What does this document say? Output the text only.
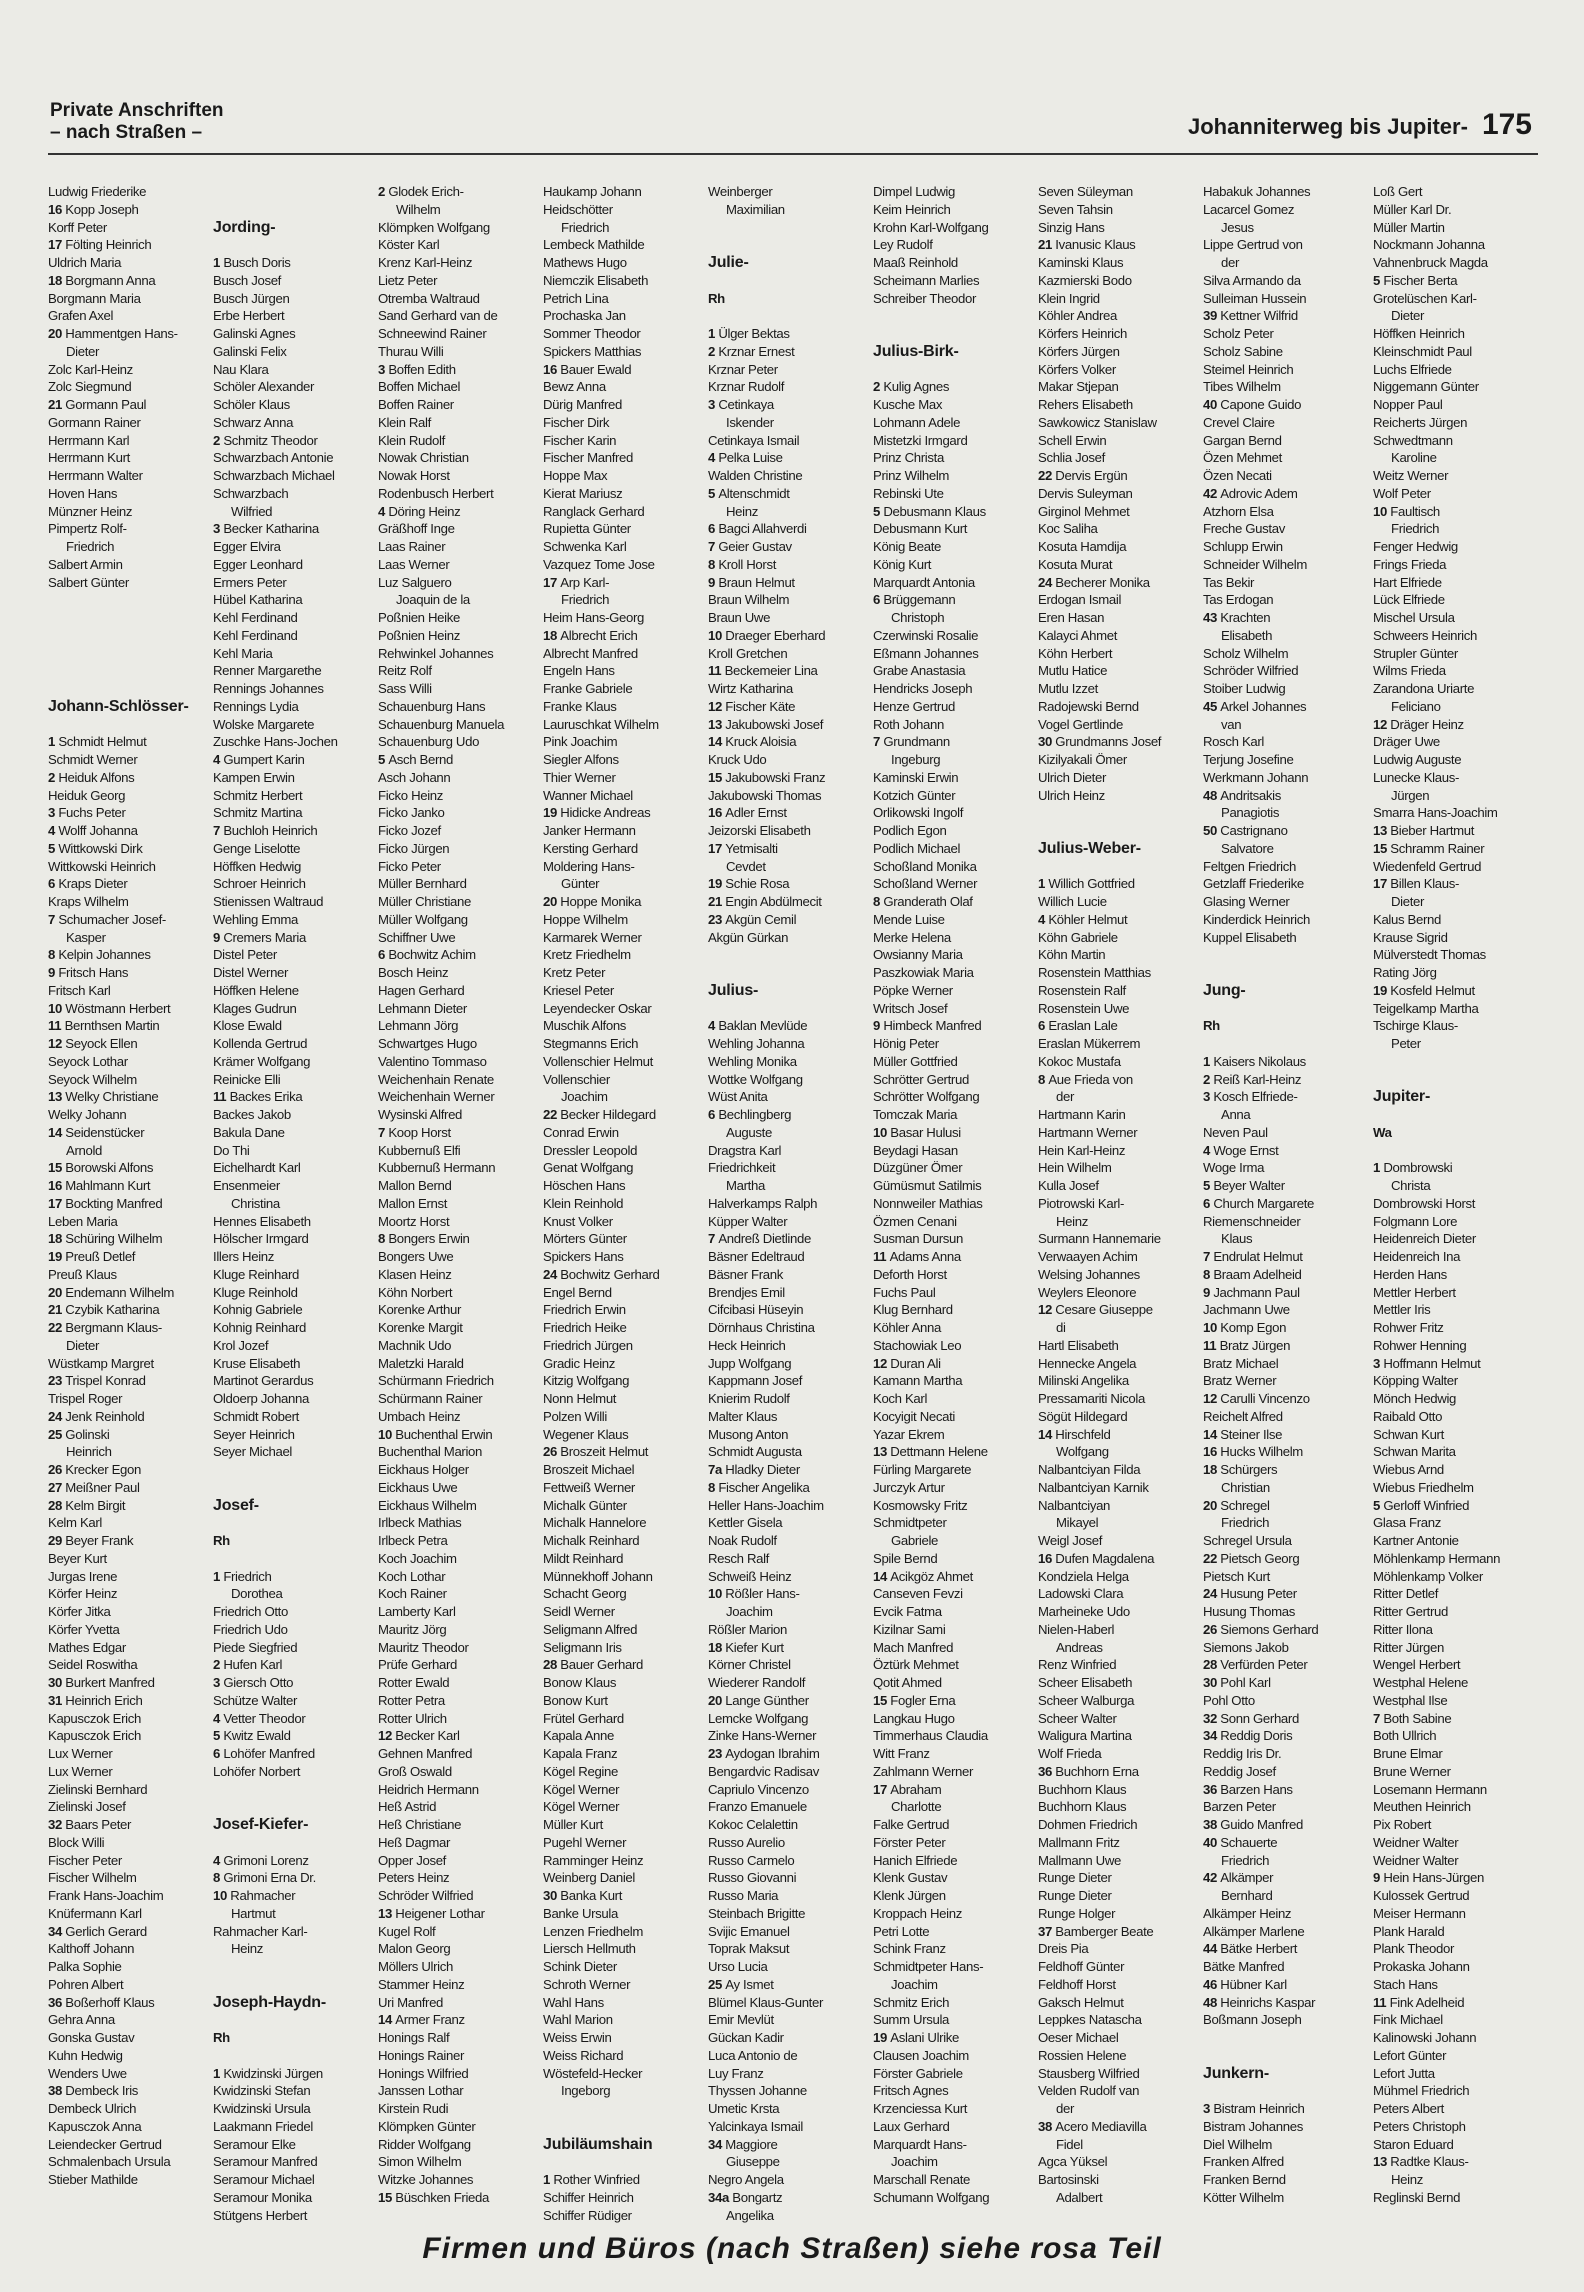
Private Anschriften
– nach Straßen –	Johanniterweg bis Jupiter- 175
Ludwig Friederike
16 Kopp Joseph
Korff Peter
17 Fölting Heinrich
Uldrich Maria
18 Borgmann Anna
Borgmann Maria
Grafen Axel
20 Hammentgen Hans-
Dieter
Zolc Karl-Heinz
Zolc Siegmund
21 Gormann Paul
Gormann Rainer
Herrmann Karl
Herrmann Kurt
Herrmann Walter
Hoven Hans
Münzner Heinz
Pimpertz Rolf-
Friedrich
Salbert Armin
Salbert Günter

Johann-Schlösser-

1 Schmidt Helmut
Schmidt Werner
2 Heiduk Alfons
Heiduk Georg
3 Fuchs Peter
4 Wolff Johanna
5 Wittkowski Dirk
Wittkowski Heinrich
6 Kraps Dieter
Kraps Wilhelm
7 Schumacher Josef-
Kasper
8 Kelpin Johannes
9 Fritsch Hans
Fritsch Karl
10 Wöstmann Herbert
11 Bernthsen Martin
12 Seyock Ellen
Seyock Lothar
Seyock Wilhelm
13 Welky Christiane
Welky Johann
14 Seidenstücker
Arnold
15 Borowski Alfons
16 Mahlmann Kurt
17 Bockting Manfred
Leben Maria
18 Schüring Wilhelm
19 Preuß Detlef
Preuß Klaus
20 Endemann Wilhelm
21 Czybik Katharina
22 Bergmann Klaus-
Dieter
Wüstkamp Margret
23 Trispel Konrad
Trispel Roger
24 Jenk Reinhold
25 Golinski
Heinrich
26 Krecker Egon
27 Meißner Paul
28 Kelm Birgit
Kelm Karl
29 Beyer Frank
Beyer Kurt
Jurgas Irene
Körfer Heinz
Körfer Jitka
Körfer Yvetta
Mathes Edgar
Seidel Roswitha
30 Burkert Manfred
31 Heinrich Erich
Kapusczok Erich
Kapusczok Erich
Lux Werner
Lux Werner
Zielinski Bernhard
Zielinski Josef
32 Baars Peter
Block Willi
Fischer Peter
Fischer Wilhelm
Frank Hans-Joachim
Knüfermann Karl
34 Gerlich Gerard
Kalthoff Johann
Palka Sophie
Pohren Albert
36 Boßerhoff Klaus
Gehra Anna
Gonska Gustav
Kuhn Hedwig
Wenders Uwe
38 Dembeck Iris
Dembeck Ulrich
Kapusczok Anna
Leiendecker Gertrud
Schmalenbach Ursula
Stieber Mathilde

Jording-

1 Busch Doris
Busch Josef
Busch Jürgen
Erbe Herbert
Galinski Agnes
Galinski Felix
Nau Klara
Schöler Alexander
Schöler Klaus
Schwarz Anna
2 Schmitz Theodor
Schwarzbach Antonie
Schwarzbach Michael
Schwarzbach
Wilfried
3 Becker Katharina
Egger Elvira
Egger Leonhard
Ermers Peter
Hübel Katharina
Kehl Ferdinand
Kehl Ferdinand
Kehl Maria
Renner Margarethe
Rennings Johannes
Rennings Lydia
Wolske Margarete
Zuschke Hans-Jochen
4 Gumpert Karin
Kampen Erwin
Schmitz Herbert
Schmitz Martina
7 Buchloh Heinrich
Genge Liselotte
Höffken Hedwig
Schroer Heinrich
Stienissen Waltraud
Wehling Emma
9 Cremers Maria
Distel Peter
Distel Werner
Höffken Helene
Klages Gudrun
Klose Ewald
Kollenda Gertrud
Krämer Wolfgang
Reinicke Elli
11 Backes Erika
Backes Jakob
Bakula Dane
Do Thi
Eichelhardt Karl
Ensenmeier
Christina
Hennes Elisabeth
Hölscher Irmgard
Illers Heinz
Kluge Reinhard
Kluge Reinhold
Kohnig Gabriele
Kohnig Reinhard
Krol Jozef
Kruse Elisabeth
Martinot Gerardus
Oldoerp Johanna
Schmidt Robert
Seyer Heinrich
Seyer Michael

Josef-

Rh

1 Friedrich
Dorothea
Friedrich Otto
Friedrich Udo
Piede Siegfried
2 Hufen Karl
3 Giersch Otto
Schütze Walter
4 Vetter Theodor
5 Kwitz Ewald
6 Lohöfer Manfred
Lohöfer Norbert

Josef-Kiefer-

4 Grimoni Lorenz
8 Grimoni Erna Dr.
10 Rahmacher
Hartmut
Rahmacher Karl-
Heinz

Joseph-Haydn-

Rh

1 Kwidzinski Jürgen
Kwidzinski Stefan
Kwidzinski Ursula
Laakmann Friedel
Seramour Elke
Seramour Manfred
Seramour Michael
Seramour Monika
Stütgens Herbert
2 Glodek Erich-
Wilhelm
Klömpken Wolfgang
Köster Karl
Krenz Karl-Heinz
Lietz Peter
Otremba Waltraud
Sand Gerhard van de
Schneewind Rainer
Thurau Willi
3 Boffen Edith
Boffen Michael
Boffen Rainer
Klein Ralf
Klein Rudolf
Nowak Christian
Nowak Horst
Rodenbusch Herbert
4 Döring Heinz
Gräßhoff Inge
Laas Rainer
Laas Werner
Luz Salguero
Joaquin de la
Poßnien Heike
Poßnien Heinz
Rehwinkel Johannes
Reitz Rolf
Sass Willi
Schauenburg Hans
Schauenburg Manuela
Schauenburg Udo
5 Asch Bernd
Asch Johann
Ficko Heinz
Ficko Janko
Ficko Jozef
Ficko Jürgen
Ficko Peter
Müller Bernhard
Müller Christiane
Müller Wolfgang
Schiffner Uwe
6 Bochwitz Achim
Bosch Heinz
Hagen Gerhard
Lehmann Dieter
Lehmann Jörg
Schwartges Hugo
Valentino Tommaso
Weichenhain Renate
Weichenhain Werner
Wysinski Alfred
7 Koop Horst
Kubbernuß Elfi
Kubbernuß Hermann
Mallon Bernd
Mallon Ernst
Moortz Horst
8 Bongers Erwin
Bongers Uwe
Klasen Heinz
Köhn Norbert
Korenke Arthur
Korenke Margit
Machnik Udo
Maletzki Harald
Schürmann Friedrich
Schürmann Rainer
Umbach Heinz
10 Buchenthal Erwin
Buchenthal Marion
Eickhaus Holger
Eickhaus Uwe
Eickhaus Wilhelm
Irlbeck Mathias
Irlbeck Petra
Koch Joachim
Koch Lothar
Koch Rainer
Lamberty Karl
Mauritz Jörg
Mauritz Theodor
Prüfe Gerhard
Rotter Ewald
Rotter Petra
Rotter Ulrich
12 Becker Karl
Gehnen Manfred
Groß Oswald
Heidrich Hermann
Heß Astrid
Heß Christiane
Heß Dagmar
Opper Josef
Peters Heinz
Schröder Wilfried
13 Heigener Lothar
Kugel Rolf
Malon Georg
Möllers Ulrich
Stammer Heinz
Uri Manfred
14 Armer Franz
Honings Ralf
Honings Rainer
Honings Wilfried
Janssen Lothar
Kirstein Rudi
Klömpken Günter
Ridder Wolfgang
Simon Wilhelm
Witzke Johannes
15 Büschken Frieda
Haukamp Johann
Heidschötter
Friedrich
Lembeck Mathilde
Mathews Hugo
Niemczik Elisabeth
Petrich Lina
Prochaska Jan
Sommer Theodor
Spickers Matthias
16 Bauer Ewald
Bewz Anna
Dürig Manfred
Fischer Dirk
Fischer Karin
Fischer Manfred
Hoppe Max
Kierat Mariusz
Ranglack Gerhard
Rupietta Günter
Schwenka Karl
Vazquez Tome Jose
17 Arp Karl-
Friedrich
Heim Hans-Georg
18 Albrecht Erich
Albrecht Manfred
Engeln Hans
Franke Gabriele
Franke Klaus
Lauruschkat Wilhelm
Pink Joachim
Siegler Alfons
Thier Werner
Wanner Michael
19 Hidicke Andreas
Janker Hermann
Kersting Gerhard
Moldering Hans-
Günter
20 Hoppe Monika
Hoppe Wilhelm
Karmarek Werner
Kretz Friedhelm
Kretz Peter
Kriesel Peter
Leyendecker Oskar
Muschik Alfons
Stegmanns Erich
Vollenschier Helmut
Vollenschier
Joachim
22 Becker Hildegard
Conrad Erwin
Dressler Leopold
Genat Wolfgang
Höschen Hans
Klein Reinhold
Knust Volker
Mörters Günter
Spickers Hans
24 Bochwitz Gerhard
Engel Bernd
Friedrich Erwin
Friedrich Heike
Friedrich Jürgen
Gradic Heinz
Kitzig Wolfgang
Nonn Helmut
Polzen Willi
Wegener Klaus
26 Broszeit Helmut
Broszeit Michael
Fettweiß Werner
Michalk Günter
Michalk Hannelore
Michalk Reinhard
Mildt Reinhard
Münnekhoff Johann
Schacht Georg
Seidl Werner
Seligmann Alfred
Seligmann Iris
28 Bauer Gerhard
Bonow Klaus
Bonow Kurt
Frütel Gerhard
Kapala Anne
Kapala Franz
Kögel Regine
Kögel Werner
Kögel Werner
Müller Kurt
Pugehl Werner
Ramminger Heinz
Weinberg Daniel
30 Banka Kurt
Banke Ursula
Lenzen Friedhelm
Liersch Hellmuth
Schink Dieter
Schroth Werner
Wahl Hans
Wahl Marion
Weiss Erwin
Weiss Richard
Wöstefeld-Hecker
Ingeborg

Jubiläumshain

1 Rother Winfried
Schiffer Heinrich
Schiffer Rüdiger
Weinberger
Maximilian

Julie-

Rh

1 Ülger Bektas
2 Krznar Ernest
Krznar Peter
Krznar Rudolf
3 Cetinkaya
Iskender
Cetinkaya Ismail
4 Pelka Luise
Walden Christine
5 Altenschmidt
Heinz
6 Bagci Allahverdi
7 Geier Gustav
8 Kroll Horst
9 Braun Helmut
Braun Wilhelm
Braun Uwe
10 Draeger Eberhard
Kroll Gretchen
11 Beckemeier Lina
Wirtz Katharina
12 Fischer Käte
13 Jakubowski Josef
14 Kruck Aloisia
Kruck Udo
15 Jakubowski Franz
Jakubowski Thomas
16 Adler Ernst
Jeizorski Elisabeth
17 Yetmisalti
Cevdet
19 Schie Rosa
21 Engin Abdülmecit
23 Akgün Cemil
Akgün Gürkan

Julius-

4 Baklan Mevlüde
Wehling Johanna
Wehling Monika
Wottke Wolfgang
Wüst Anita
6 Bechlingberg
Auguste
Dragstra Karl
Friedrichkeit
Martha
Halverkamps Ralph
Küpper Walter
7 Andreß Dietlinde
Bäsner Edeltraud
Bäsner Frank
Brendjes Emil
Cifcibasi Hüseyin
Dörnhaus Christina
Heck Heinrich
Jupp Wolfgang
Kappmann Josef
Knierim Rudolf
Malter Klaus
Musong Anton
Schmidt Augusta
7a Hladky Dieter
8 Fischer Angelika
Heller Hans-Joachim
Kettler Gisela
Noak Rudolf
Resch Ralf
Schweiß Heinz
10 Rößler Hans-
Joachim
Rößler Marion
18 Kiefer Kurt
Körner Christel
Wiederer Randolf
20 Lange Günther
Lemcke Wolfgang
Zinke Hans-Werner
23 Aydogan Ibrahim
Bengardvic Radisav
Capriulo Vincenzo
Franzo Emanuele
Kokoc Celalettin
Russo Aurelio
Russo Carmelo
Russo Giovanni
Russo Maria
Steinbach Brigitte
Svijic Emanuel
Toprak Maksut
Urso Lucia
25 Ay Ismet
Blümel Klaus-Gunter
Emir Mevlüt
Gückan Kadir
Luca Antonio de
Luy Franz
Thyssen Johanne
Umetic Krsta
Yalcinkaya Ismail
34 Maggiore
Giuseppe
Negro Angela
34a Bongartz
Angelika
Dimpel Ludwig
Keim Heinrich
Krohn Karl-Wolfgang
Ley Rudolf
Maaß Reinhold
Scheimann Marlies
Schreiber Theodor

Julius-Birk-

2 Kulig Agnes
Kusche Max
Lohmann Adele
Mistetzki Irmgard
Prinz Christa
Prinz Wilhelm
Rebinski Ute
5 Debusmann Klaus
Debusmann Kurt
König Beate
König Kurt
Marquardt Antonia
6 Brüggemann
Christoph
Czerwinski Rosalie
Eßmann Johannes
Grabe Anastasia
Hendricks Joseph
Henze Gertrud
Roth Johann
7 Grundmann
Ingeburg
Kaminski Erwin
Kotzich Günter
Orlikowski Ingolf
Podlich Egon
Podlich Michael
Schoßland Monika
Schoßland Werner
8 Granderath Olaf
Mende Luise
Merke Helena
Owsianny Maria
Paszkowiak Maria
Pöpke Werner
Writsch Josef
9 Himbeck Manfred
Hönig Peter
Müller Gottfried
Schrötter Gertrud
Schrötter Wolfgang
Tomczak Maria
10 Basar Hulusi
Beydagi Hasan
Düzgüner Ömer
Gümüsmut Satilmis
Nonnweiler Mathias
Özmen Cenani
Susman Dursun
11 Adams Anna
Deforth Horst
Fuchs Paul
Klug Bernhard
Köhler Anna
Stachowiak Leo
12 Duran Ali
Kamann Martha
Koch Karl
Kocyigit Necati
Yazar Ekrem
13 Dettmann Helene
Fürling Margarete
Jurczyk Artur
Kosmowsky Fritz
Schmidtpeter
Gabriele
Spile Bernd
14 Acikgöz Ahmet
Canseven Fevzi
Evcik Fatma
Kizilnar Sami
Mach Manfred
Öztürk Mehmet
Qotit Ahmed
15 Fogler Erna
Langkau Hugo
Timmerhaus Claudia
Witt Franz
Zahlmann Werner
17 Abraham
Charlotte
Falke Gertrud
Förster Peter
Hanich Elfriede
Klenk Gustav
Klenk Jürgen
Kroppach Heinz
Petri Lotte
Schink Franz
Schmidtpeter Hans-
Joachim
Schmitz Erich
Summ Ursula
19 Aslani Ulrike
Clausen Joachim
Förster Gabriele
Fritsch Agnes
Krzenciessa Kurt
Laux Gerhard
Marquardt Hans-
Joachim
Marschall Renate
Schumann Wolfgang
Seven Süleyman
Seven Tahsin
Sinzig Hans
21 Ivanusic Klaus
Kaminski Klaus
Kazmierski Bodo
Klein Ingrid
Köhler Andrea
Körfers Heinrich
Körfers Jürgen
Körfers Volker
Makar Stjepan
Rehers Elisabeth
Sawkowicz Stanislaw
Schell Erwin
Schlia Josef
22 Dervis Ergün
Dervis Suleyman
Girginol Mehmet
Koc Saliha
Kosuta Hamdija
Kosuta Murat
24 Becherer Monika
Erdogan Ismail
Eren Hasan
Kalayci Ahmet
Köhn Herbert
Mutlu Hatice
Mutlu Izzet
Radojewski Bernd
Vogel Gertlinde
30 Grundmanns Josef
Kizilyakali Ömer
Ulrich Dieter
Ulrich Heinz

Julius-Weber-

1 Willich Gottfried
Willich Lucie
4 Köhler Helmut
Köhn Gabriele
Köhn Martin
Rosenstein Matthias
Rosenstein Ralf
Rosenstein Uwe
6 Eraslan Lale
Eraslan Mükerrem
Kokoc Mustafa
8 Aue Frieda von
der
Hartmann Karin
Hartmann Werner
Hein Karl-Heinz
Hein Wilhelm
Kulla Josef
Piotrowski Karl-
Heinz
Surmann Hannemarie
Verwaayen Achim
Welsing Johannes
Weylers Eleonore
12 Cesare Giuseppe
di
Hartl Elisabeth
Hennecke Angela
Milinski Angelika
Pressamariti Nicola
Sögüt Hildegard
14 Hirschfeld
Wolfgang
Nalbantciyan Filda
Nalbantciyan Karnik
Nalbantciyan
Mikayel
Weigl Josef
16 Dufen Magdalena
Kondziela Helga
Ladowski Clara
Marheineke Udo
Nielen-Haberl
Andreas
Renz Winfried
Scheer Elisabeth
Scheer Walburga
Scheer Walter
Waligura Martina
Wolf Frieda
36 Buchhorn Erna
Buchhorn Klaus
Buchhorn Klaus
Dohmen Friedrich
Mallmann Fritz
Mallmann Uwe
Runge Dieter
Runge Dieter
Runge Holger
37 Bamberger Beate
Dreis Pia
Feldhoff Günter
Feldhoff Horst
Gaksch Helmut
Leppkes Natascha
Oeser Michael
Rossien Helene
Stausberg Wilfried
Velden Rudolf van
der
38 Acero Mediavilla
Fidel
Agca Yüksel
Bartosinski
Adalbert
Habakuk Johannes
Lacarcel Gomez
Jesus
Lippe Gertrud von
der
Silva Armando da
Sulleiman Hussein
39 Kettner Wilfrid
Scholz Peter
Scholz Sabine
Steimel Heinrich
Tibes Wilhelm
40 Capone Guido
Crevel Claire
Gargan Bernd
Özen Mehmet
Özen Necati
42 Adrovic Adem
Atzhorn Elsa
Freche Gustav
Schlupp Erwin
Schneider Wilhelm
Tas Bekir
Tas Erdogan
43 Krachten
Elisabeth
Scholz Wilhelm
Schröder Wilfried
Stoiber Ludwig
45 Arkel Johannes
van
Rosch Karl
Terjung Josefine
Werkmann Johann
48 Andritsakis
Panagiotis
50 Castrignano
Salvatore
Feltgen Friedrich
Getzlaff Friederike
Glasing Werner
Kinderdick Heinrich
Kuppel Elisabeth

Jung-

Rh

1 Kaisers Nikolaus
2 Reiß Karl-Heinz
3 Kosch Elfriede-
Anna
Neven Paul
4 Woge Ernst
Woge Irma
5 Beyer Walter
6 Church Margarete
Riemenschneider
Klaus
7 Endrulat Helmut
8 Braam Adelheid
9 Jachmann Paul
Jachmann Uwe
10 Komp Egon
11 Bratz Jürgen
Bratz Michael
Bratz Werner
12 Carulli Vincenzo
Reichelt Alfred
14 Steiner Ilse
16 Hucks Wilhelm
18 Schürgers
Christian
20 Schregel
Friedrich
Schregel Ursula
22 Pietsch Georg
Pietsch Kurt
24 Husung Peter
Husung Thomas
26 Siemons Gerhard
Siemons Jakob
28 Verfürden Peter
30 Pohl Karl
Pohl Otto
32 Sonn Gerhard
34 Reddig Doris
Reddig Iris Dr.
Reddig Josef
36 Barzen Hans
Barzen Peter
38 Guido Manfred
40 Schauerte
Friedrich
42 Alkämper
Bernhard
Alkämper Heinz
Alkämper Marlene
44 Bätke Herbert
Bätke Manfred
46 Hübner Karl
48 Heinrichs Kaspar
Boßmann Joseph

Junkern-

3 Bistram Heinrich
Bistram Johannes
Diel Wilhelm
Franken Alfred
Franken Bernd
Kötter Wilhelm
Loß Gert
Müller Karl Dr.
Müller Martin
Nockmann Johanna
Vahnenbruck Magda
5 Fischer Berta
Grotelüschen Karl-
Dieter
Höffken Heinrich
Kleinschmidt Paul
Luchs Elfriede
Niggemann Günter
Nopper Paul
Reicherts Jürgen
Schwedtmann
Karoline
Weitz Werner
Wolf Peter
10 Faultisch
Friedrich
Fenger Hedwig
Frings Frieda
Hart Elfriede
Lück Elfriede
Mischel Ursula
Schweers Heinrich
Strupler Günter
Wilms Frieda
Zarandona Uriarte
Feliciano
12 Dräger Heinz
Dräger Uwe
Ludwig Auguste
Lunecke Klaus-
Jürgen
Smarra Hans-Joachim
13 Bieber Hartmut
15 Schramm Rainer
Wiedenfeld Gertrud
17 Billen Klaus-
Dieter
Kalus Bernd
Krause Sigrid
Mülverstedt Thomas
Rating Jörg
19 Kosfeld Helmut
Teigelkamp Martha
Tschirge Klaus-
Peter

Jupiter-

Wa

1 Dombrowski
Christa
Dombrowski Horst
Folgmann Lore
Heidenreich Dieter
Heidenreich Ina
Herden Hans
Mettler Herbert
Mettler Iris
Rohwer Fritz
Rohwer Henning
3 Hoffmann Helmut
Köpping Walter
Mönch Hedwig
Raibald Otto
Schwan Kurt
Schwan Marita
Wiebus Arnd
Wiebus Friedhelm
5 Gerloff Winfried
Glasa Franz
Kartner Antonie
Möhlenkamp Hermann
Möhlenkamp Volker
Ritter Detlef
Ritter Gertrud
Ritter Ilona
Ritter Jürgen
Wengel Herbert
Westphal Helene
Westphal Ilse
7 Both Sabine
Both Ullrich
Brune Elmar
Brune Werner
Losemann Hermann
Meuthen Heinrich
Pix Robert
Weidner Walter
Weidner Walter
9 Hein Hans-Jürgen
Kulossek Gertrud
Meiser Hermann
Plank Harald
Plank Theodor
Prokaska Johann
Stach Hans
11 Fink Adelheid
Fink Michael
Kalinowski Johann
Lefort Günter
Lefort Jutta
Mühmel Friedrich
Peters Albert
Peters Christoph
Staron Eduard
13 Radtke Klaus-
Heinz
Reglinski Bernd
Firmen und Büros (nach Straßen) siehe rosa Teil
